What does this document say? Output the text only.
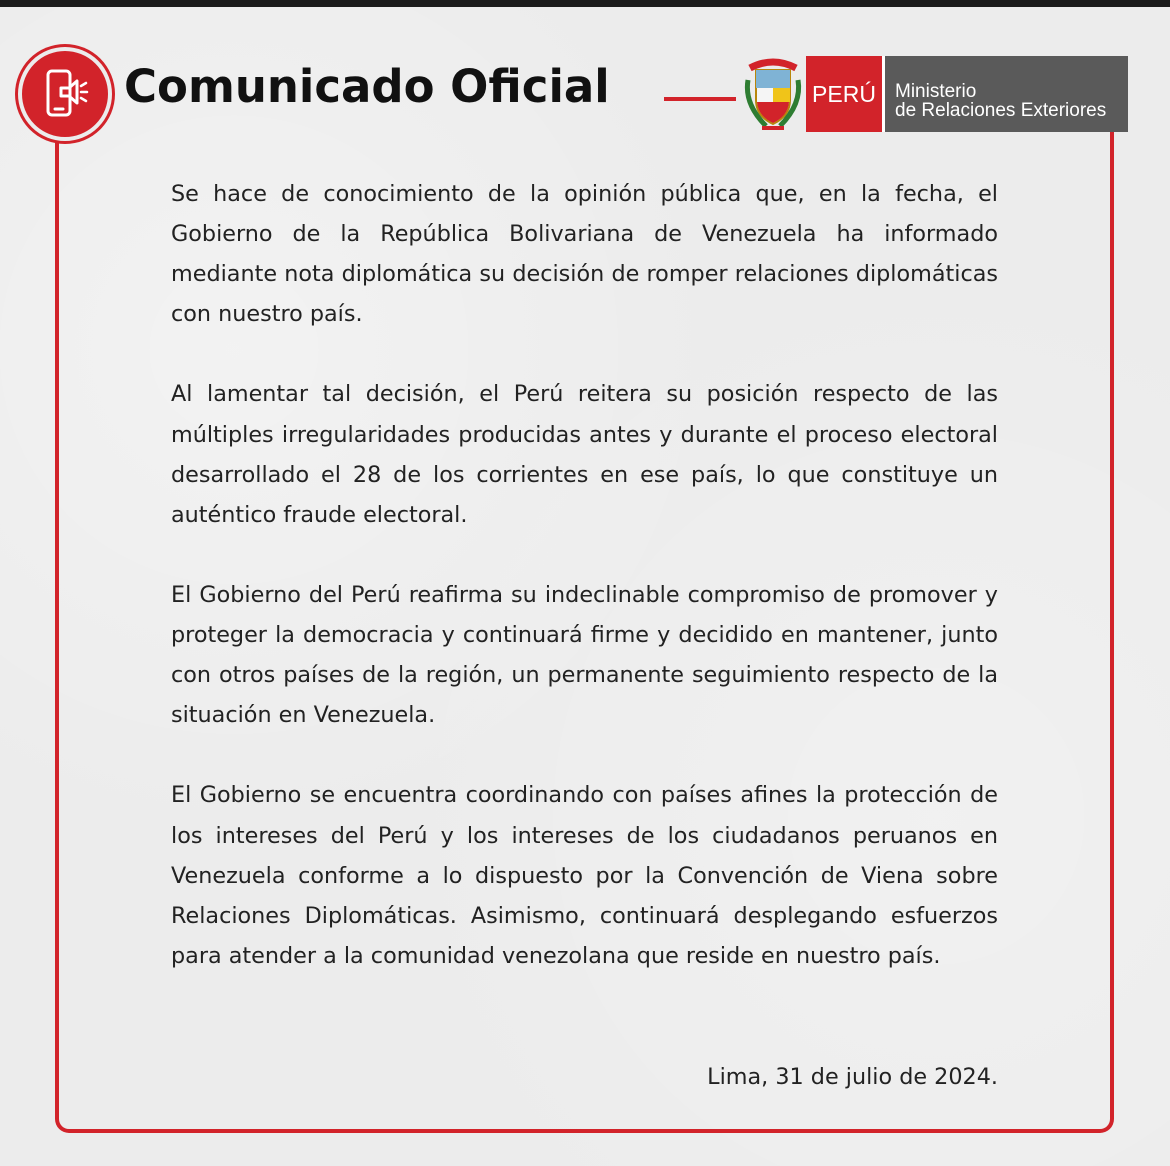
Comunicado Oficial	PERÚ	Ministerio
de Relaciones Exteriores

Se hace de conocimiento de la opinión pública que, en la fecha, el Gobierno de la República Bolivariana de Venezuela ha informado mediante nota diplomática su decisión de romper relaciones diplomáticas con nuestro país.

Al lamentar tal decisión, el Perú reitera su posición respecto de las múltiples irregularidades producidas antes y durante el proceso electoral desarrollado el 28 de los corrientes en ese país, lo que constituye un auténtico fraude electoral.

El Gobierno del Perú reafirma su indeclinable compromiso de promover y proteger la democracia y continuará firme y decidido en mantener, junto con otros países de la región, un permanente seguimiento respecto de la situación en Venezuela.

El Gobierno se encuentra coordinando con países afines la protección de los intereses del Perú y los intereses de los ciudadanos peruanos en Venezuela conforme a lo dispuesto por la Convención de Viena sobre Relaciones Diplomáticas. Asimismo, continuará desplegando esfuerzos para atender a la comunidad venezolana que reside en nuestro país.

Lima, 31 de julio de 2024.
